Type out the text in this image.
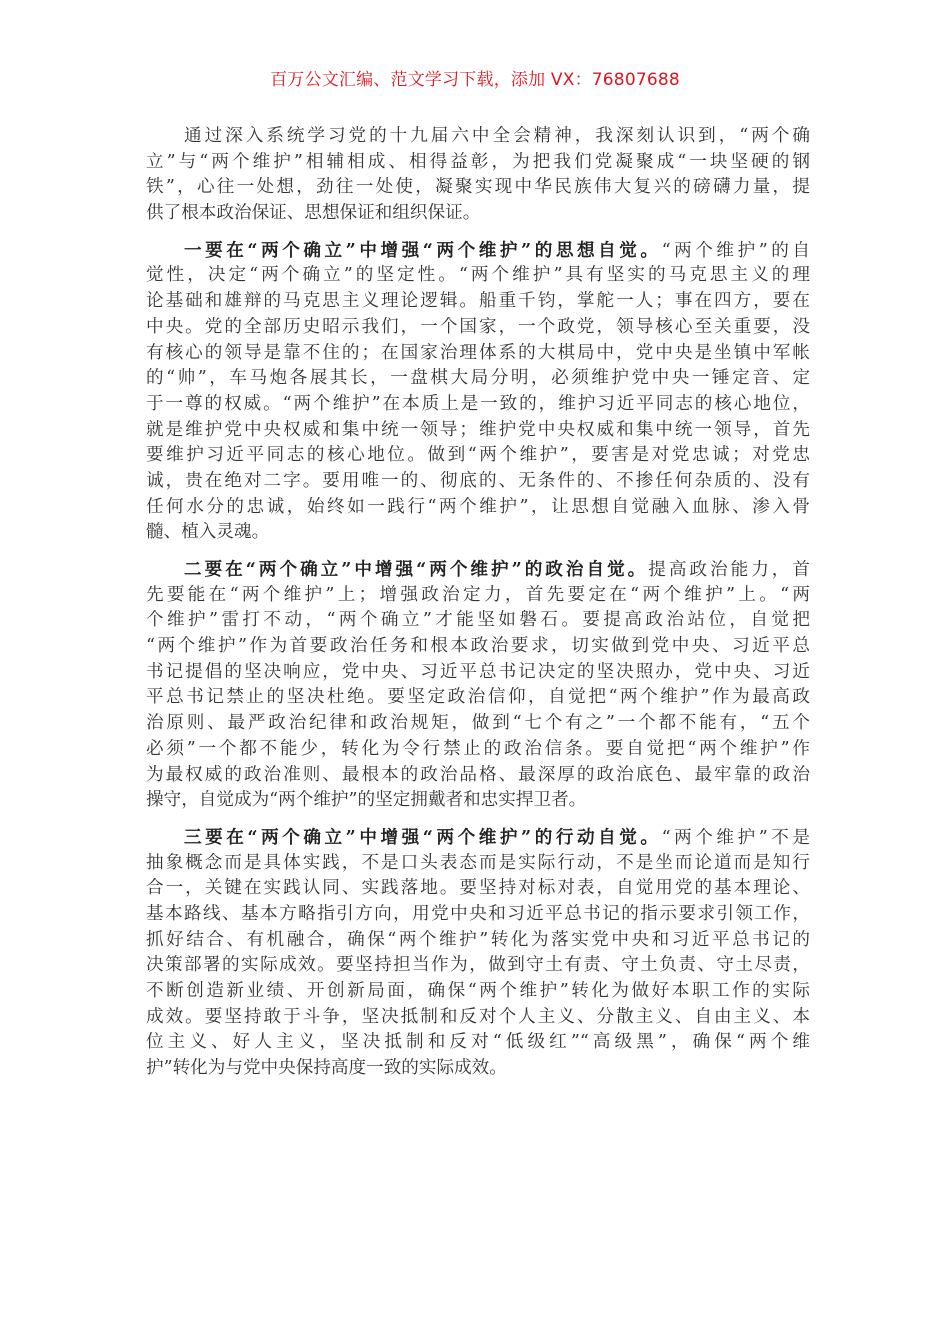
百万公文汇编、范文学习下载，添加 VX：76807688
通过深入系统学习党的十九届六中全会精神，我深刻认识到，“两个确
立”与“两个维护”相辅相成、相得益彰，为把我们党凝聚成“一块坚硬的钢
铁”，心往一处想，劲往一处使，凝聚实现中华民族伟大复兴的磅礴力量，提
供了根本政治保证、思想保证和组织保证。
一要在“两个确立”中增强“两个维护”的思想自觉。“两个维护”的自
觉性，决定“两个确立”的坚定性。“两个维护”具有坚实的马克思主义的理
论基础和雄辩的马克思主义理论逻辑。船重千钧，掌舵一人；事在四方，要在
中央。党的全部历史昭示我们，一个国家，一个政党，领导核心至关重要，没
有核心的领导是靠不住的；在国家治理体系的大棋局中，党中央是坐镇中军帐
的“帅”，车马炮各展其长，一盘棋大局分明，必须维护党中央一锤定音、定
于一尊的权威。“两个维护”在本质上是一致的，维护习近平同志的核心地位，
就是维护党中央权威和集中统一领导；维护党中央权威和集中统一领导，首先
要维护习近平同志的核心地位。做到“两个维护”，要害是对党忠诚；对党忠
诚，贵在绝对二字。要用唯一的、彻底的、无条件的、不掺任何杂质的、没有
任何水分的忠诚，始终如一践行“两个维护”，让思想自觉融入血脉、渗入骨
髓、植入灵魂。
二要在“两个确立”中增强“两个维护”的政治自觉。提高政治能力，首
先要能在“两个维护”上；增强政治定力，首先要定在“两个维护”上。“两
个维护”雷打不动，“两个确立”才能坚如磐石。要提高政治站位，自觉把
“两个维护”作为首要政治任务和根本政治要求，切实做到党中央、习近平总
书记提倡的坚决响应，党中央、习近平总书记决定的坚决照办，党中央、习近
平总书记禁止的坚决杜绝。要坚定政治信仰，自觉把“两个维护”作为最高政
治原则、最严政治纪律和政治规矩，做到“七个有之”一个都不能有，“五个
必须”一个都不能少，转化为令行禁止的政治信条。要自觉把“两个维护”作
为最权威的政治准则、最根本的政治品格、最深厚的政治底色、最牢靠的政治
操守，自觉成为“两个维护”的坚定拥戴者和忠实捍卫者。
三要在“两个确立”中增强“两个维护”的行动自觉。“两个维护”不是
抽象概念而是具体实践，不是口头表态而是实际行动，不是坐而论道而是知行
合一，关键在实践认同、实践落地。要坚持对标对表，自觉用党的基本理论、
基本路线、基本方略指引方向，用党中央和习近平总书记的指示要求引领工作，
抓好结合、有机融合，确保“两个维护”转化为落实党中央和习近平总书记的
决策部署的实际成效。要坚持担当作为，做到守土有责、守土负责、守土尽责，
不断创造新业绩、开创新局面，确保“两个维护”转化为做好本职工作的实际
成效。要坚持敢于斗争，坚决抵制和反对个人主义、分散主义、自由主义、本
位主义、好人主义，坚决抵制和反对“低级红”“高级黑”，确保“两个维
护”转化为与党中央保持高度一致的实际成效。
